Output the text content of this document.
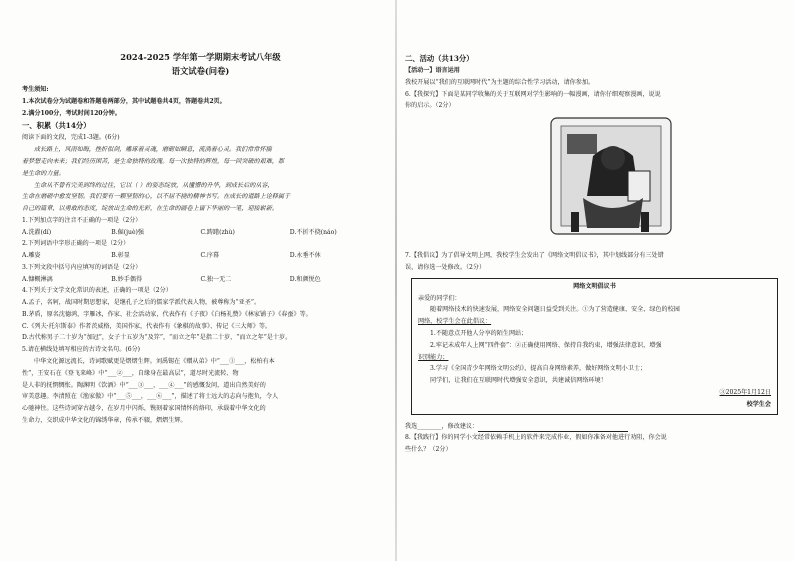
2024-2025 学年第一学期期末考试八年级
语文试卷(问卷)
考生须知:
1.本次试卷分为试题卷和答题卷两部分，其中试题卷共4页，答题卷共2页。
2.满分100分，考试时间120分钟。
一、积累（共14分）
阅读下面的文段，完成1-3题。(6分)
成长路上，风雨如晦，挫折似剑，雕琢着灵魂，磨砺如瞬息，流淌着心灵。我们常常怀揣
着梦想走向未来；我们经历困苦，是生命独特的玫瑰。每一次独特的辉煌，每一回突破的艰难，都
是生命的力量。
生命从不曾有完美到终的过往，它以（ ）的姿态绽放，从懂憬的升华，到成长后的从容，
生命在磨砺中愈发坚韧。我们要有一颗坚韧的心，以不屈不挠的精神书写。在成长的道路上诠释属于
自己的篇章，以勇敢的态度，绽放出生命的光彩，在生命的画卷上留下华丽的一笔，迎接崭新。
1.下列加点字的注音不正确的一项是（2分）
A.洗濯(dí)	B.倔(juè)强	C.踌躇(zhù)	D.不折不挠(náo)
2.下列词语中字形正确的一项是（2分）
A.雕姿	B.彰显	C.序幕	D.永垂不休
3.下列文段中括号内应填写的词语是（2分）
A.慷概淋漓	B.妙手偶得	C.独一无二	D.和颜悦色
4.下列关于文学文化常识的表述，正确的一项是（2分）
A.孟子，名轲，战国时期思想家，是继孔子之后的儒家学派代表人物，被尊称为“亚圣”。
B.茅盾，原名沈德鸿，字雁冰，作家、社会活动家，代表作有《子夜》《白杨礼赞》《林家铺子》《春蚕》等。
C.《列夫·托尔斯泰》作者茨威格，美国作家，代表作有《象棋的故事》、传记《三大师》等。
D.古代称男子二十岁为“加冠”，女子十五岁为“及笄”，“而立之年”是指二十岁，“而立之年”是十岁。
5.请在横线处填写相应的古诗文名句。(6分)
中华文化源远流长，诗词歌赋更是熠熠生辉。刘禹锡在《赠从弟》中“___①___，松柏有本
性”，王安石在《登飞来峰》中“___②___，自缘身在最高层”，道尽时光流转、物
是人非的抚惘惆怅。陶渊明《饮酒》中“___③___，___④___”的感慨发问，道出自然美好的
审美意趣。李清照在《渔家傲》中“___⑤___，___⑥___”，描述了将士远大的志向与抱负，令人
心驰神往。这些诗词穿古越今，在岁月中闪烁，镌刻着家国情怀的烙印，承载着中华文化的
生命力，交织成中华文化的锦绣华章，传承不辍，熠熠生辉。
二、活动（共13分）
【活动一】语言运用
我校开展以“我们的互联网时代”为主题的综合性学习活动，请你参加。
6.【我探究】下面是某同学收集的关于互联网对学生影响的一幅漫画，请你仔细观察漫画，说说
你的启示。（2分）
7.【我倡议】为了倡导文明上网，我校学生会发出了《网络文明倡议书》，其中划线部分有三处错
误，请你选一处修改。（2分）
网络文明倡议书
亲爱的同学们：
随着网络技术的快速发展，网络安全问题日益受到关注。①为了营造健康、安全、绿色的校园
网络，校学生会在此倡议：
1.不随意点开他人分享的陌生网站；
2.牢记未成年人上网“四件套”：②正确使用网络、保持自我约束，增强法律意识，增强
识别能力；
3.学习《全国青少年网络文明公约》，提高自身网络素养，做好网络文明小卫士；
同学们，让我们在互联网时代增强安全意识，共建诚信网络环境！
③2025年1月12日
校学生会
我选________，修改建议：
8.【我践行】你的同学小文经常依赖手机上的软件来完成作业，假如你准备对他进行劝阻，你会说
些什么？（2分）
